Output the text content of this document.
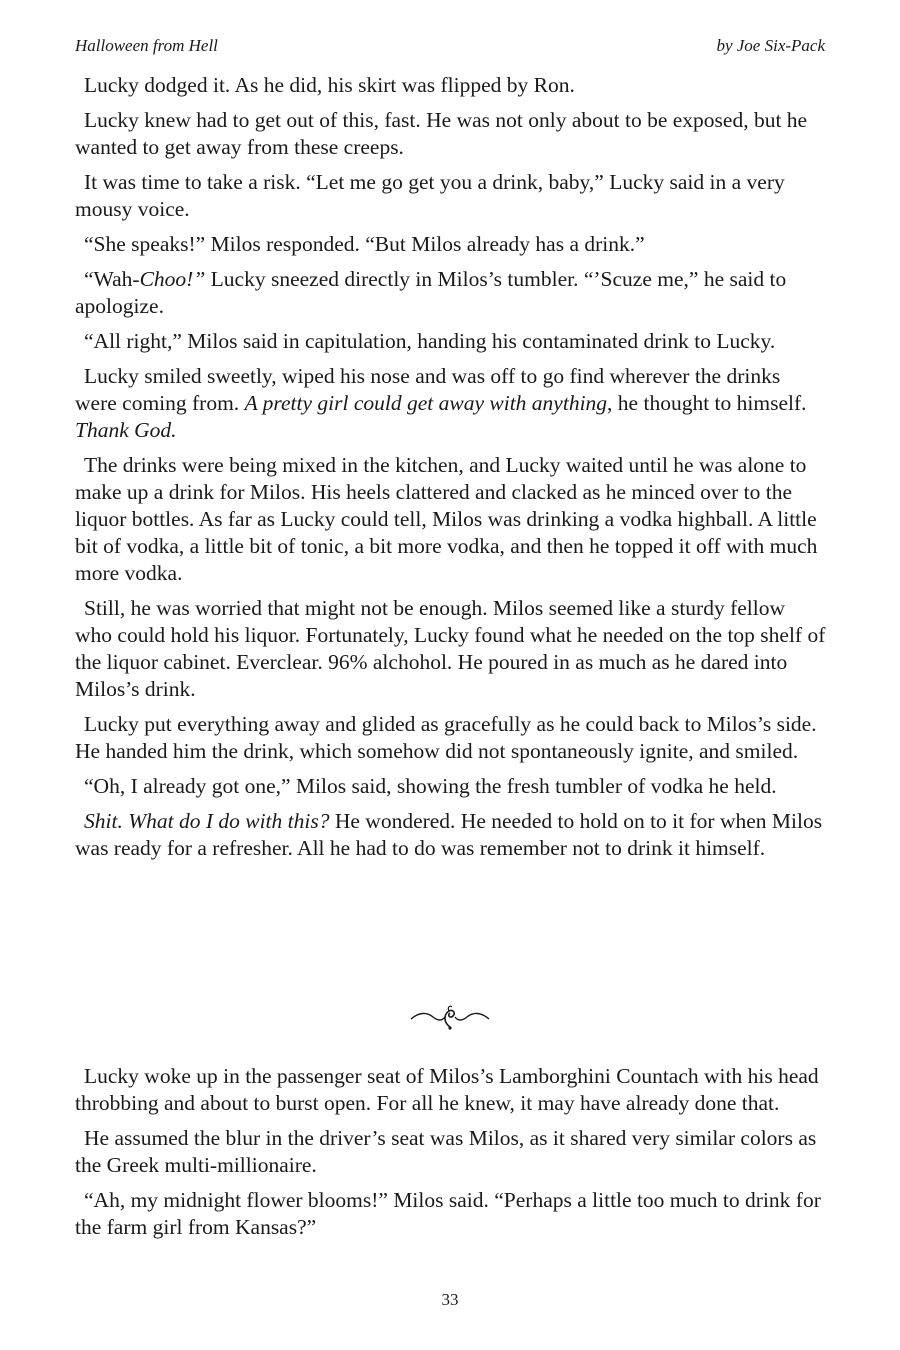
Halloween from Hell	by Joe Six-Pack

Lucky dodged it. As he did, his skirt was flipped by Ron.

Lucky knew had to get out of this, fast. He was not only about to be exposed, but he wanted to get away from these creeps.

It was time to take a risk. “Let me go get you a drink, baby,” Lucky said in a very mousy voice.

“She speaks!” Milos responded. “But Milos already has a drink.”

“Wah-Choo!” Lucky sneezed directly in Milos’s tumbler. “’Scuze me,” he said to apologize.

“All right,” Milos said in capitulation, handing his contaminated drink to Lucky.

Lucky smiled sweetly, wiped his nose and was off to go find wherever the drinks were coming from. A pretty girl could get away with anything, he thought to himself. Thank God.

The drinks were being mixed in the kitchen, and Lucky waited until he was alone to make up a drink for Milos. His heels clattered and clacked as he minced over to the liquor bottles. As far as Lucky could tell, Milos was drinking a vodka highball. A little bit of vodka, a little bit of tonic, a bit more vodka, and then he topped it off with much more vodka.

Still, he was worried that might not be enough. Milos seemed like a sturdy fellow who could hold his liquor. Fortunately, Lucky found what he needed on the top shelf of the liquor cabinet. Everclear. 96% alchohol. He poured in as much as he dared into Milos’s drink.

Lucky put everything away and glided as gracefully as he could back to Milos’s side. He handed him the drink, which somehow did not spontaneously ignite, and smiled.

“Oh, I already got one,” Milos said, showing the fresh tumbler of vodka he held.

Shit. What do I do with this? He wondered. He needed to hold on to it for when Milos was ready for a refresher. All he had to do was remember not to drink it himself.

Lucky woke up in the passenger seat of Milos’s Lamborghini Countach with his head throbbing and about to burst open. For all he knew, it may have already done that.

He assumed the blur in the driver’s seat was Milos, as it shared very similar colors as the Greek multi-millionaire.

“Ah, my midnight flower blooms!” Milos said. “Perhaps a little too much to drink for the farm girl from Kansas?”

33
